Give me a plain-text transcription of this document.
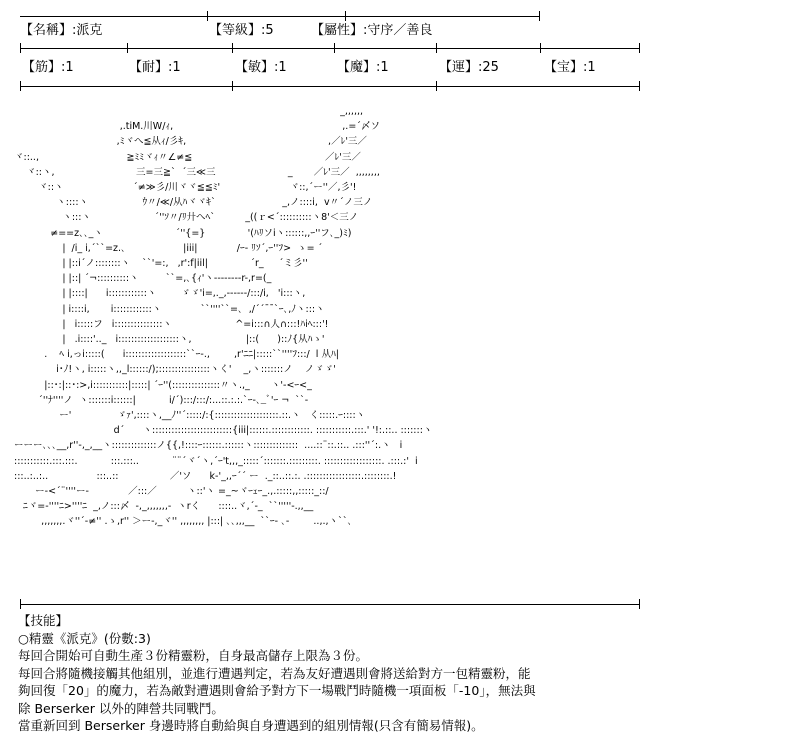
【名稱】:派克	【等級】:5	【屬性】:守序／善良
【筋】:1	【耐】:1	【敏】:1	【魔】:1	【運】:25	【宝】:1
_,,,,,,
,.tiM.川W/ｨ,                                                        ,.=´〆ソ
,ﾐヾへ≦从ｨ/彡ｷ,                                               ,／ﾚ'三／
ヾ::..,                             ≧ﾐﾐヾｨ〃∠≠≦                                            ／ﾚ'三／
ヾ::ヽ,                           三=三≧`  ´三≪三                        _       ／ﾚ'三／  ,,,,,,,,
ヾ::ヽ                       ´≠≫彡/川ヾヾ≦≦ﾐ'                       ヾ::,´ー''／,彡'!
ヽ::::ヽ                  ｳ〃/≪/从ﾊヾヾｷ`                      _,ノ::::i,  v〃´ノ三ノ
ヽ:::ヽ                     ´''ｿ〃/ﾘ廾へﾍ`          _((ｒ<´::::::::::ヽ8'＜三ノ
≠==z､､_ヽ                        ´''{=}              '(ﾊﾘソiヽ::::::,,ｰ''フ､_)ﾐ)
|  /i_ i,´``=z.､                   |iii|             /ｰ- ﾘｿ´,ｰ''ﾌ>  ゝ= ´
| |::i´ノ::::::::ヽ    ``'=:,   ,r':f|iil|              ´r_     ´ミ彡''
| |::| ´¬::::::::::ヽ         ``=,､{ｨ'ヽ------‐‐r-,r=(_
| |::::|      i::::::::::::ヽ        ゞゞ'i=,._,--‐‐--/:::/i,   'i:::ヽ,
| i::::i,       i::::::::::::ヽ             ``''''``=､  ,/´´¯¯`ｰ､,ﾉヽ:::ヽ
|   i:::::フ   i:::::::::::::::ヽ                     ^=i:::∩人∩:::!ﾊiﾍ:::'!
|   .i::::'.._   i:::::::::::::::::::ヽ,                  |::(      )::ﾉ{从ﾊゝ'
.    ﾍ i,っi:::::(      i:::::::::::::::::::``ｰ-.,        ,r'ﾆﾆ|:::::``''''ﾌ:::/  l 从ﾊ|
i･ﾉ!ヽ, i:::::ヽ,,_l::::::/);::::::::::::::::ヽく'    _,ヽ:::::::ノ    ノゞゞ'
|::･:|::･:>,i:::::::::::|:::::| ´ｰ''(:::::::::::::::〃ヽ.,_       ヽ'-<ｰ<_
´''ﾅ''''ノ  ヽ:::::::i::::::|           i/´):::/:::/:...::.:.:.`ｰ-､_ﾞ'ｰ ¬  ``-
ー'               ゞｧ',::::ヽ,__ﾉ''´:::::/:{::::::::::::::::::::.::.ヽ   く:::::.ｰ::::ヽ
d´      ヽ:::::::::::::::::::::::::{iii|::::::.::::::::::::. :::::::::::.:::.' '!:.::.. :::::::ヽ
ーーー､､､__,r''‐,_,__ヽ::::::::::::::ノ{{,!::::ｰ::::::.::::::ヽ::::::::::::::  ....::¨::.::.. .:::''´:.ヽ   i
:::::::::::.:::.:::.           :::.:::..           ¨¨´ヾ´ヽ,´ｰ't,,,_:::::´:::::::.:::::::::. ::::::::::::::::::. .:::.:'  i
:::..:..:..                :::..::                 ／'ソ      k-'_,,ｰ´´ ー  ._::..::.:. .:::::::::::::::::.::::::::.!
ー-<´¨''''ー-             ／:::／          ヽ::'ヽ =_~ヾｰｪｰ_.,.:::::,,:::::_::/
ﾆヾ=-''''ﾆ>''''ﾆ  _,ノ:::〆  -,_,,,,,,,-  ヽrく      ::::..ヾ,´-_  ``'''''-.,,__
,,,,,,,.ヾ''´-≠'' .ゝ,r'' ＞ー-,_ヾ'' ,,,,,,,, |:::| ､､,,,__  ``ｰ- ､-        ..,.,ヽ``､
【技能】
○精靈《派克》(份數:3)
每回合開始可自動生產３份精靈粉，自身最高儲存上限為３份。
每回合將隨機接觸其他組別，並進行遭遇判定，若為友好遭遇則會將送給對方一包精靈粉，能
夠回復「20」的魔力，若為敵對遭遇則會給予對方下一場戰鬥時隨機一項面板「-10」，無法與
除 Berserker 以外的陣營共同戰鬥。
當重新回到 Berserker 身邊時將自動給與自身遭遇到的組別情報(只含有簡易情報)。
